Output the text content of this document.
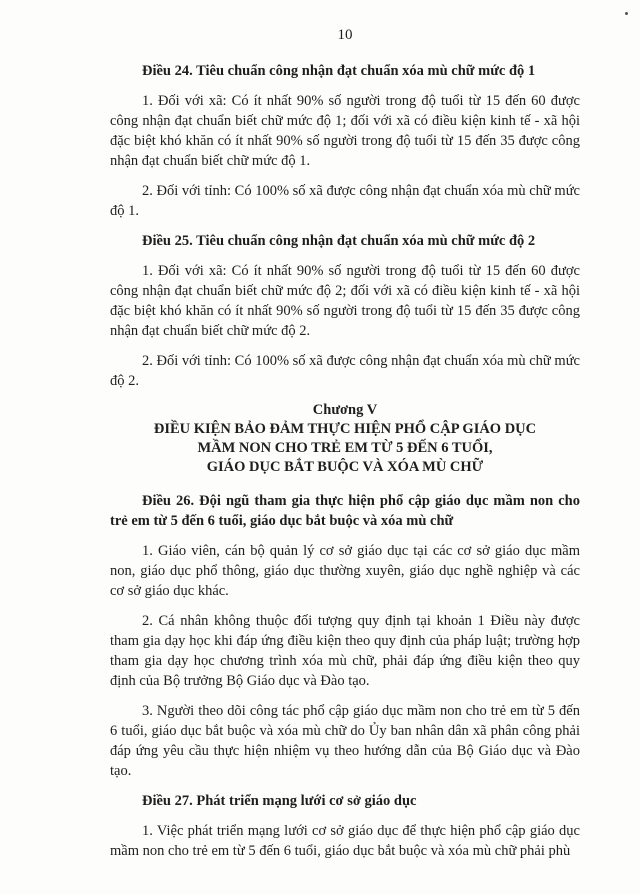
10

Điều 24. Tiêu chuẩn công nhận đạt chuẩn xóa mù chữ mức độ 1

1. Đối với xã: Có ít nhất 90% số người trong độ tuổi từ 15 đến 60 được công nhận đạt chuẩn biết chữ mức độ 1; đối với xã có điều kiện kinh tế - xã hội đặc biệt khó khăn có ít nhất 90% số người trong độ tuổi từ 15 đến 35 được công nhận đạt chuẩn biết chữ mức độ 1.

2. Đối với tỉnh: Có 100% số xã được công nhận đạt chuẩn xóa mù chữ mức độ 1.

Điều 25. Tiêu chuẩn công nhận đạt chuẩn xóa mù chữ mức độ 2

1. Đối với xã: Có ít nhất 90% số người trong độ tuổi từ 15 đến 60 được công nhận đạt chuẩn biết chữ mức độ 2; đối với xã có điều kiện kinh tế - xã hội đặc biệt khó khăn có ít nhất 90% số người trong độ tuổi từ 15 đến 35 được công nhận đạt chuẩn biết chữ mức độ 2.

2. Đối với tỉnh: Có 100% số xã được công nhận đạt chuẩn xóa mù chữ mức độ 2.

Chương V
ĐIỀU KIỆN BẢO ĐẢM THỰC HIỆN PHỔ CẬP GIÁO DỤC
MẦM NON CHO TRẺ EM TỪ 5 ĐẾN 6 TUỔI,
GIÁO DỤC BẮT BUỘC VÀ XÓA MÙ CHỮ

Điều 26. Đội ngũ tham gia thực hiện phổ cập giáo dục mầm non cho trẻ em từ 5 đến 6 tuổi, giáo dục bắt buộc và xóa mù chữ

1. Giáo viên, cán bộ quản lý cơ sở giáo dục tại các cơ sở giáo dục mầm non, giáo dục phổ thông, giáo dục thường xuyên, giáo dục nghề nghiệp và các cơ sở giáo dục khác.

2. Cá nhân không thuộc đối tượng quy định tại khoản 1 Điều này được tham gia dạy học khi đáp ứng điều kiện theo quy định của pháp luật; trường hợp tham gia dạy học chương trình xóa mù chữ, phải đáp ứng điều kiện theo quy định của Bộ trưởng Bộ Giáo dục và Đào tạo.

3. Người theo dõi công tác phổ cập giáo dục mầm non cho trẻ em từ 5 đến 6 tuổi, giáo dục bắt buộc và xóa mù chữ do Ủy ban nhân dân xã phân công phải đáp ứng yêu cầu thực hiện nhiệm vụ theo hướng dẫn của Bộ Giáo dục và Đào tạo.

Điều 27. Phát triển mạng lưới cơ sở giáo dục

1. Việc phát triển mạng lưới cơ sở giáo dục để thực hiện phổ cập giáo dục mầm non cho trẻ em từ 5 đến 6 tuổi, giáo dục bắt buộc và xóa mù chữ phải phù
